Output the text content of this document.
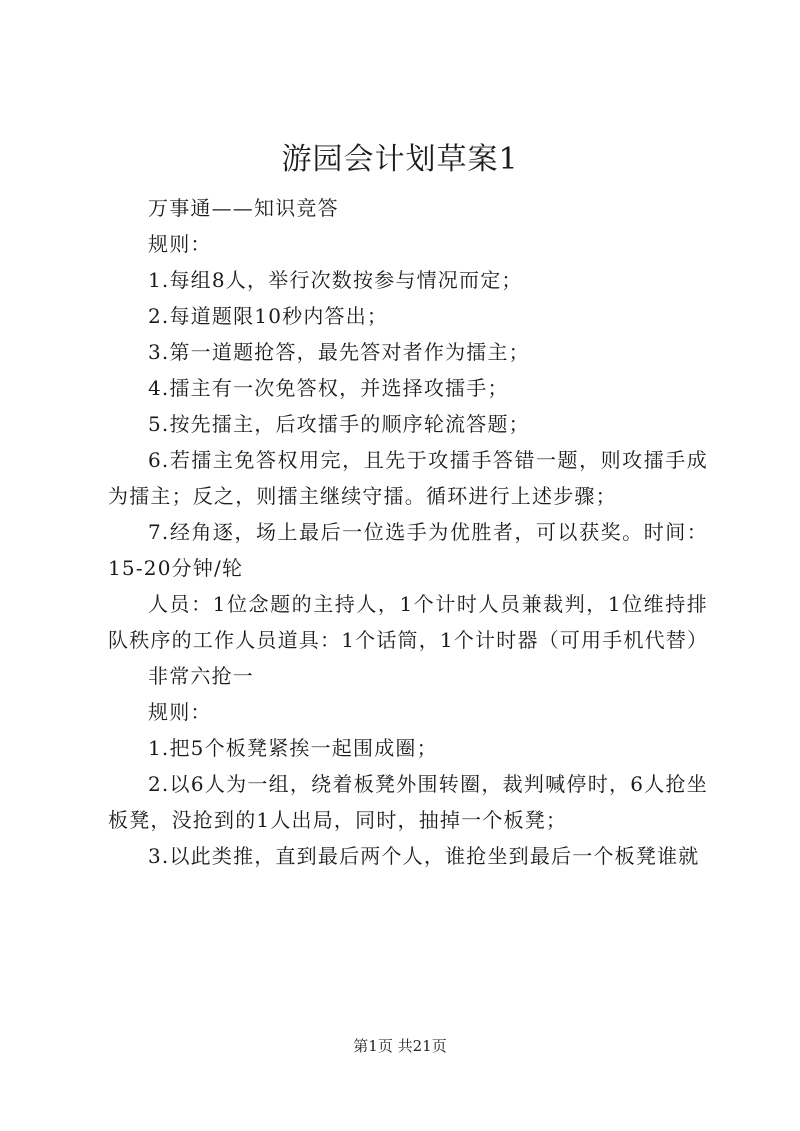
游园会计划草案1

万事通——知识竞答

规则：

1.每组8人，举行次数按参与情况而定；

2.每道题限10秒内答出；

3.第一道题抢答，最先答对者作为擂主；

4.擂主有一次免答权，并选择攻擂手；

5.按先擂主，后攻擂手的顺序轮流答题；

6.若擂主免答权用完，且先于攻擂手答错一题，则攻擂手成为擂主；反之，则擂主继续守擂。循环进行上述步骤；

7.经角逐，场上最后一位选手为优胜者，可以获奖。时间：15-20分钟/轮

人员：1位念题的主持人，1个计时人员兼裁判，1位维持排队秩序的工作人员道具：1个话筒，1个计时器（可用手机代替）

非常六抢一

规则：

1.把5个板凳紧挨一起围成圈；

2.以6人为一组，绕着板凳外围转圈，裁判喊停时，6人抢坐板凳，没抢到的1人出局，同时，抽掉一个板凳；

3.以此类推，直到最后两个人，谁抢坐到最后一个板凳谁就

第1页 共21页
